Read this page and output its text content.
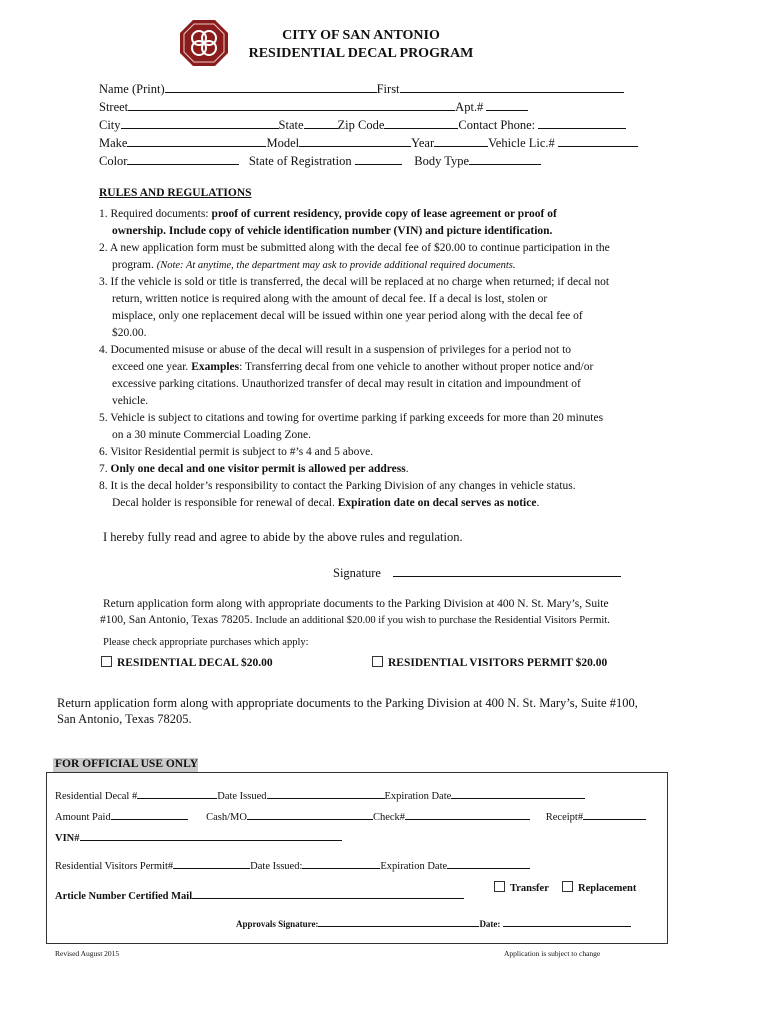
CITY OF SAN ANTONIO
RESIDENTIAL DECAL PROGRAM
Name (Print)	First
Street	Apt.#
City	State	Zip Code	Contact Phone:
Make	Model	Year	Vehicle Lic.#
Color	State of Registration	Body Type
RULES AND REGULATIONS
1. Required documents: proof of current residency, provide copy of lease agreement or proof of
ownership. Include copy of vehicle identification number (VIN) and picture identification.
2. A new application form must be submitted along with the decal fee of $20.00 to continue participation in the
program. (Note: At anytime, the department may ask to provide additional required documents.
3. If the vehicle is sold or title is transferred, the decal will be replaced at no charge when returned; if decal not
return, written notice is required along with the amount of decal fee. If a decal is lost, stolen or
misplace, only one replacement decal will be issued within one year period along with the decal fee of
$20.00.
4. Documented misuse or abuse of the decal will result in a suspension of privileges for a period not to
exceed one year. Examples: Transferring decal from one vehicle to another without proper notice and/or
excessive parking citations. Unauthorized transfer of decal may result in citation and impoundment of
vehicle.
5. Vehicle is subject to citations and towing for overtime parking if parking exceeds for more than 20 minutes
on a 30 minute Commercial Loading Zone.
6. Visitor Residential permit is subject to #’s 4 and 5 above.
7. Only one decal and one visitor permit is allowed per address.
8. It is the decal holder’s responsibility to contact the Parking Division of any changes in vehicle status.
Decal holder is responsible for renewal of decal. Expiration date on decal serves as notice.
I hereby fully read and agree to abide by the above rules and regulation.
Signature
Return application form along with appropriate documents to the Parking Division at 400 N. St. Mary’s, Suite
#100, San Antonio, Texas 78205. Include an additional $20.00 if you wish to purchase the Residential Visitors Permit.
Please check appropriate purchases which apply:
RESIDENTIAL DECAL $20.00	RESIDENTIAL VISITORS PERMIT $20.00
Return application form along with appropriate documents to the Parking Division at 400 N. St. Mary’s, Suite #100,
San Antonio, Texas 78205.
FOR OFFICIAL USE ONLY
Residential Decal #	Date Issued	Expiration Date
Amount Paid	Cash/MO	Check#	Receipt#
VIN#
Residential Visitors Permit#	Date Issued:	Expiration Date
Transfer	Replacement
Article Number Certified Mail
Approvals Signature:	Date:
Revised August 2015	Application is subject to change
